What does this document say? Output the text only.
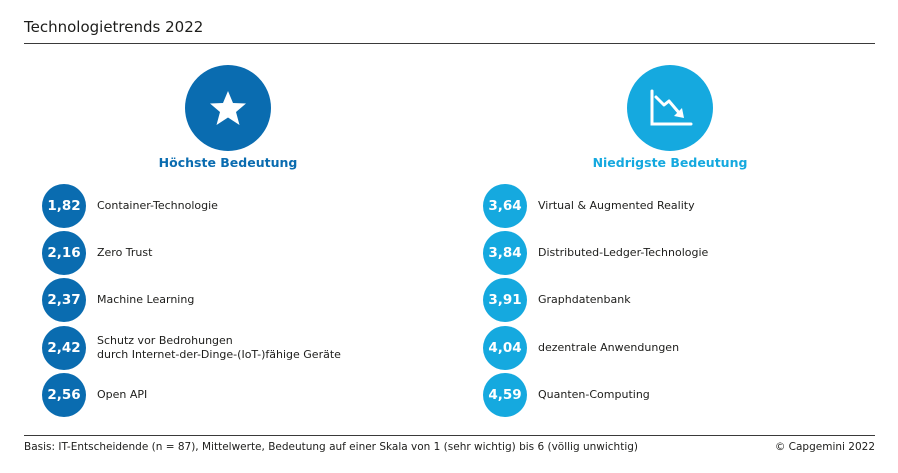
Technologietrends 2022
Höchste Bedeutung
1,82	Container-Technologie
2,16	Zero Trust
2,37	Machine Learning
2,42	Schutz vor Bedrohungen
durch Internet-der-Dinge-(IoT-)fähige Geräte
2,56	Open API
Niedrigste Bedeutung
3,64	Virtual & Augmented Reality
3,84	Distributed-Ledger-Technologie
3,91	Graphdatenbank
4,04	dezentrale Anwendungen
4,59	Quanten-Computing
Basis: IT-Entscheidende (n = 87), Mittelwerte, Bedeutung auf einer Skala von 1 (sehr wichtig) bis 6 (völlig unwichtig)	© Capgemini 2022
